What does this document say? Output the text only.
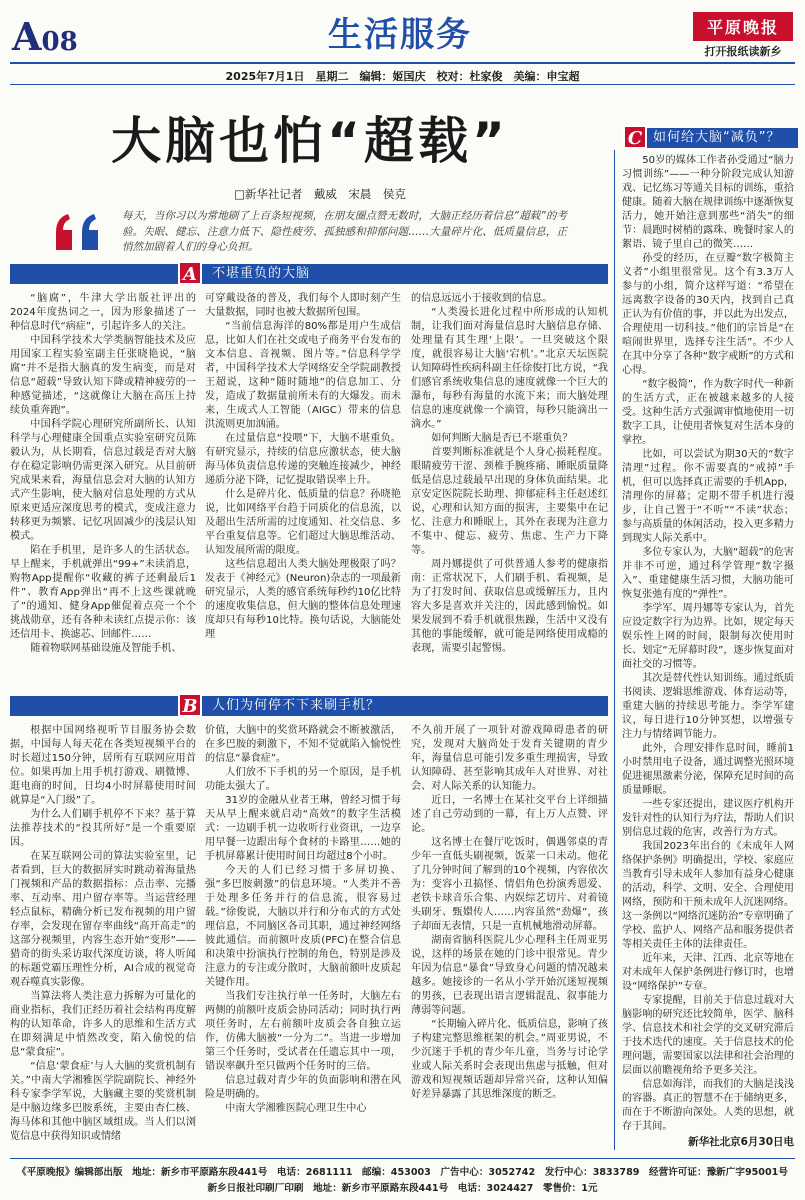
A08	生活服务	平原晚报
打开报纸读新乡
2025年7月1日　星期二　编辑：姬国庆　校对：杜家俊　美编：申宝超
大脑也怕“超载”
□新华社记者　戴威　宋晨　侯克
每天，当你习以为常地刷了上百条短视频，在朋友圈点赞无数时，大脑正经历着信息“超载”的考验。失眠、健忘、注意力低下、隐性疲劳、孤独感和抑郁问题……大量碎片化、低质量信息，正悄然加剧着人们的身心负担。
A	不堪重负的大脑

“脑腐”，牛津大学出版社评出的2024年度热词之一，因为形象描述了一种信息时代“病症”，引起许多人的关注。

中国科学技术大学类脑智能技术及应用国家工程实验室副主任张晓艳说，“脑腐”并不是指大脑真的发生病变，而是对信息“超载”导致认知下降或精神疲劳的一种感觉描述，“这就像让大脑在高压上持续负重奔跑”。

中国科学院心理研究所副所长、认知科学与心理健康全国重点实验室研究员陈毅认为，从长期看，信息过载是否对大脑存在稳定影响仍需更深入研究。从目前研究成果来看，海量信息会对大脑的认知方式产生影响，使大脑对信息处理的方式从原来更适应深度思考的模式，变成注意力转移更为频繁、记忆巩固减少的浅层认知模式。

陷在手机里，是许多人的生活状态。早上醒来，手机就弹出“99+”未读消息，购物App提醒你“收藏的裤子还剩最后1件”、教育App弹出“再不上这些课就晚了”的通知、健身App催促着点亮一个个挑战勋章，还有各种未读红点提示你：该还信用卡、换滤芯、回邮件……

随着物联网基础设施及智能手机、

可穿戴设备的普及，我们每个人即时刻产生大量数据，同时也被大数据所包围。

“当前信息海洋的80%都是用户生成信息，比如人们在社交或电子商务平台发布的文本信息、音视频、图片等。”信息科学学者，中国科学技术大学网络安全学院副教授王超说，这种“随时随地”的信息加工、分发，造成了数据量前所未有的大爆发。而未来，生成式人工智能（AIGC）带来的信息洪流则更加汹涌。

在过量信息“投喂”下，大脑不堪重负。有研究显示，持续的信息应激状态，使大脑海马体负责信息传递的突触连接减少，神经递质分泌下降，记忆提取错误率上升。

什么是碎片化、低质量的信息？孙晓艳说，比如网络平台趋于同质化的信息流，以及超出生活所需的过度通知、社交信息、多平台重复信息等。它们超过大脑思维活动、认知发展所需的限度。

这些信息超出人类大脑处理极限了吗？发表于《神经元》(Neuron)杂志的一项最新研究显示，人类的感官系统每秒约10亿比特的速度收集信息，但大脑的整体信息处理速度却只有每秒10比特。换句话说，大脑能处理

的信息远远小于接收到的信息。

“人类漫长进化过程中所形成的认知机制，让我们面对海量信息时大脑信息存储、处理量有其生理‘上限’。一旦突破这个限度，就很容易让大脑‘宕机’。”北京天坛医院认知障碍性疾病科副主任徐俊打比方说，“我们感官系统收集信息的速度就像一个巨大的瀑布，每秒有海量的水流下来；而大脑处理信息的速度就像一个滴管，每秒只能滴出一滴水。”

如何判断大脑是否已不堪重负？

首要判断标准就是个人身心损耗程度。眼睛疲劳干涩、颈椎手腕疼痛、睡眠质量降低是信息过载最早出现的身体负面结果。北京安定医院院长助理、抑郁症科主任赵述红说，心理和认知方面的损害，主要集中在记忆、注意力和睡眠上，其外在表现为注意力不集中、健忘、疲劳、焦虑、生产力下降等。

周丹娜提供了可供普通人参考的健康指南：正常状况下，人们刷手机、看视频，是为了打发时间、获取信息或缓解压力，且内容大多是喜欢并关注的，因此感到愉悦。如果发展到不看手机就很焦躁，生活中又没有其他的事能缓解，就可能是网络使用成瘾的表现，需要引起警惕。

B	人们为何停不下来刷手机？

根据中国网络视听节目服务协会数据，中国每人每天花在各类短视频平台的时长超过150分钟，居所有互联网应用首位。如果再加上用手机打游戏、刷微博、逛电商的时间，日均4小时屏幕使用时间就算是“入门级”了。

为什么人们刷手机停不下来？基于算法推荐技术的“投其所好”是一个重要原因。

在某互联网公司的算法实验室里，记者看到，巨大的数据屏实时跳动着海量热门视频和产品的数据指标：点击率、完播率、互动率、用户留存率等。当运营经理轻点鼠标，精确分析已发布视频的用户留存率，会发现在留存率曲线“高开高走”的这部分视频里，内容生态开始“变形”——猎奇的街头采访取代深度访谈，将人听闻的标题党霸压理性分析，AI合成的视觉奇观吞噬真实影像。

当算法将人类注意力拆解为可量化的商业指标，我们正经历着社会结构再度解构的认知革命，许多人的思维和生活方式在即刻满足中悄然改变，陷入偷悦的信息“蒙食症”。

“信息‘蒙食症’与人大脑的奖赏机制有关。”中南大学湘雅医学院副院长、神经外科专家李学军说，大脑藏主要的奖赏机制是中脑边缘多巴胺系统，主要由杏仁核、海马体和其他中脑区域组成。当人们以浏览信息中获得知识或情绪

价值，大脑中的奖赏环路就会不断被激活，在多巴胺的刺激下，不知不觉就陷入愉悦性的信息“暴食症”。

人们放不下手机的另一个原因，是手机功能太强大了。

31岁的金融从业者王琳，曾经习惯于每天从早上醒来就启动“高效”的数字生活模式：一边刷手机一边收听行业资讯，一边享用早餐一边跟出每个食材的卡路里……她的手机屏幕累计使用时间日均超过8个小时。

今天的人们已经习惯于多屏切换、强“多巴胺刺激”的信息环境。“人类并不善于处理多任务并行的信息流，很容易过载。”徐俊说，大脑以并行和分布式的方式处理信息，不同脑区各司其职，通过神经网络彼此通信。而前额叶皮质(PFC)在整合信息和决策中扮演执行控制的角色，特别是涉及注意力的专注或分散时，大脑前额叶皮质起关键作用。

当我们专注执行单一任务时，大脑左右两侧的前额叶皮质会协同活动；同时执行两项任务时，左右前额叶皮质会各自独立运作，仿佛大脑被“一分为二”。当进一步增加第三个任务时，受试者在任遗忘其中一项，错误率飙升至只做两个任务时的三倍。

信息过载对青少年的负面影响和潜在风险是明确的。

中南大学湘雅医院心理卫生中心

不久前开展了一项针对游戏障碍患者的研究，发现对大脑尚处于发育关键期的青少年，海量信息可能引发多重生理损害，导致认知障碍、甚至影响其成年人对世界、对社会、对人际关系的认知能力。

近日，一名博士在某社交平台上详细描述了自己劳动到的一幕，有上万人点赞、评论。

这名博士在餐厅吃饭时，偶遇邻桌的青少年一直低头刷视频，饭菜一口未动。他花了几分钟时间了解到的10个视频，内容依次为：变容小丑搞怪、情侣角色扮演秀恩爱、老铁卡球音乐合集、内娱综艺切片、对着镜头刷牙、甄嬛传人……内容虽然“劲爆”，孩子却面无表情，只是一直机械地滑动屏幕。

湖南省脑科医院儿少心理科主任周亚男说，这样的场景在她的门诊中很常见。青少年因为信息“暴食”导致身心问题的情况越来越多。她接诊的一名从小学开始沉迷短视频的男孩，已表现出语言逻辑混乱、叙事能力薄弱等问题。

“长期输入碎片化、低质信息，影响了孩子构建完整思维框架的机会。”周亚男说，不少沉迷于手机的青少年儿童，当务与讨论学业或人际关系时会表现出焦虑与抵触，但对游戏和短视频话题却异常兴奋，这种认知偏好差异暴露了其思维深度的断乏。

C 如何给大脑“减负”？

50岁的媒体工作者孙受通过“脑力习惯训练”——一种分阶段完成认知游戏、记忆练习等通关目标的训练，重拾健康。随着大脑在规律训练中逐渐恢复活力，她开始注意到那些“消失”的细节：晨跑时树梢的露珠、晚餐时家人的絮语、镜子里自己的微笑……

孙受的经历，在豆瓣“数字极简主义者”小组里很常见。这个有3.3万人参与的小组，简介这样写道：“希望在远离数字设备的30天内，找到自己真正认为有价值的事，并以此为出发点，合理使用一切科技。”他们的宗旨是“在喧闹世界里，选择专注生活”。不少人在其中分享了各种“数字戒断”的方式和心得。

“数字极简”，作为数字时代一种新的生活方式，正在被越来越多的人接受。这种生活方式强调审慎地使用一切数字工具，让使用者恢复对生活本身的掌控。

比如，可以尝试为期30天的“数字清理”过程。你不需要真的“戒掉”手机，但可以选择真正需要的手机App，清理你的屏幕；定期不带手机进行漫步，让自己置于“不听”“不读”状态；参与高质量的休闲活动，投入更多精力到现实人际关系中。

多位专家认为，大脑“超载”的危害并非不可逆，通过科学管理“数字摄入”、重建健康生活习惯，大脑功能可恢复张弛有度的“弹性”。

李学军、周丹娜等专家认为，首先应设定数字行为边界。比如，规定每天娱乐性上网的时间，限制每次使用时长、划定“无屏幕时段”，逐步恢复面对面社交的习惯等。

其次是替代性认知训练。通过纸质书阅读、逻辑思维游戏、体育运动等，重建大脑的持续思考能力。李学军建议，每日进行10分钟冥想，以增强专注力与情绪调节能力。

此外，合理安排作息时间，睡前1小时禁用电子设备，通过调整光照环境促进褪黑激素分泌，保障充足时间的高质量睡眠。

一些专家还提出，建议医疗机构开发针对性的认知行为疗法，帮助人们识别信息过载的危害，改善行为方式。

我国2023年出台的《未成年人网络保护条例》明确提出，学校、家庭应当教育引导未成年人参加有益身心健康的活动，科学、文明、安全、合理使用网络，预防和干预未成年人沉迷网络。这一条例以“网络沉迷防治”专章明确了学校、监护人、网络产品和服务提供者等相关责任主体的法律责任。

近年来，天津、江西、北京等地在对未成年人保护条例进行修订时，也增设“网络保护”专章。

专家提醒，目前关于信息过载对大脑影响的研究还比较简单，医学、脑科学、信息技术和社会学的交叉研究滞后于技术迭代的速度。关于信息技术的伦理问题，需要国家以法律和社会治理的层面以前瞻视角给予更多关注。

信息如海洋，而我们的大脑是浅浅的容器。真正的智慧不在于储纳更多，而在于不断游向深处。人类的思想，就存于其间。

新华社北京6月30日电
《平原晚报》编辑部出版　地址：新乡市平原路东段441号　电话：2681111　邮编：453003　广告中心：3052742　发行中心：3833789　经营许可证：豫新广字95001号
新乡日报社印刷厂印刷　地址：新乡市平原路东段441号　电话：3024427　零售价：1元
